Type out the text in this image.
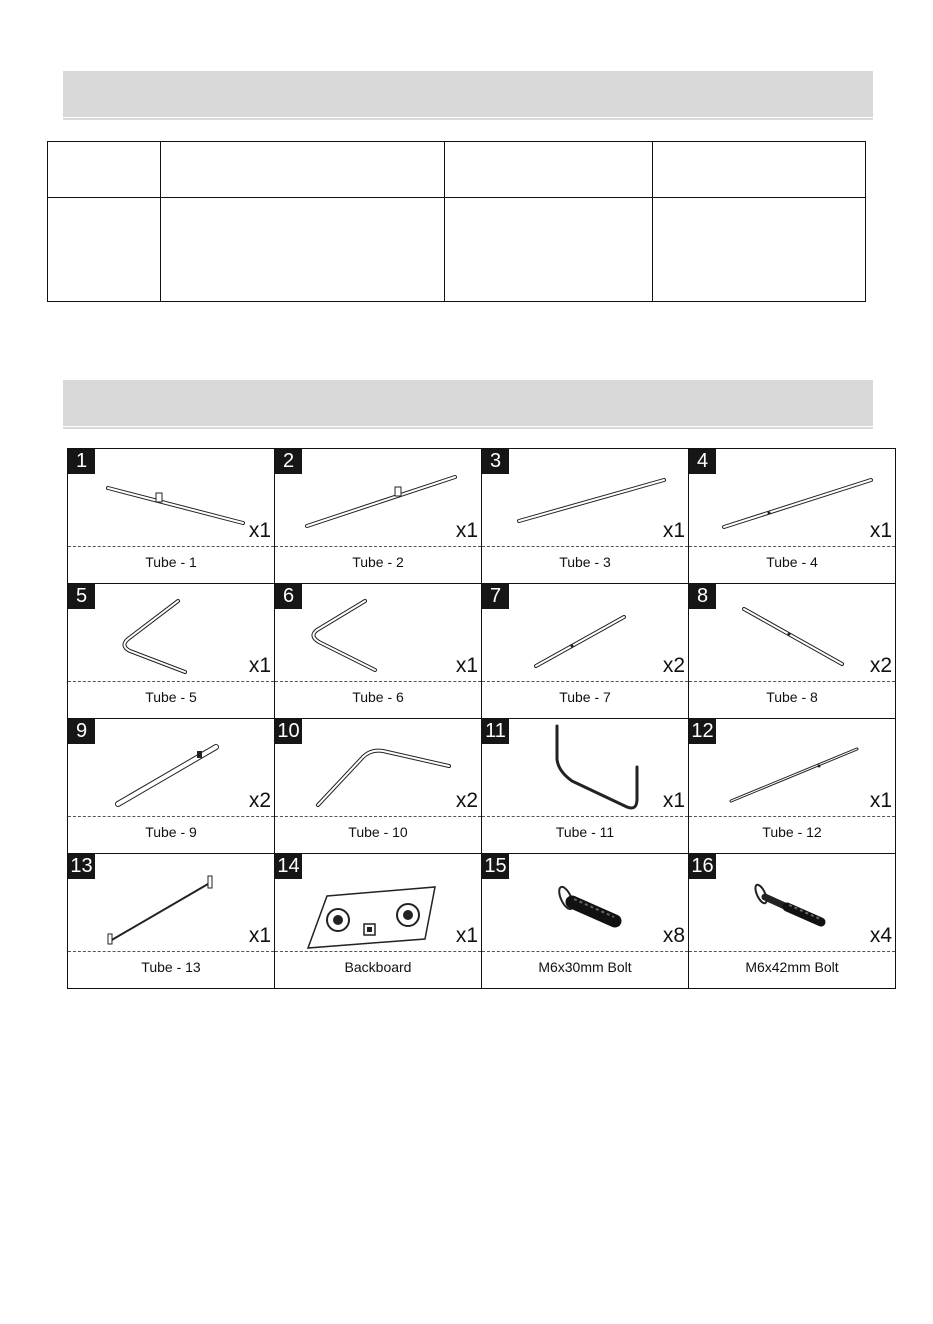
1
x1
Tube - 1
2
x1
Tube - 2
3
x1
Tube - 3
4
x1
Tube - 4
5
x1
Tube - 5
6
x1
Tube - 6
7
x2
Tube - 7
8
x2
Tube - 8
9
x2
Tube - 9
10
x2
Tube - 10
11
x1
Tube - 11
12
x1
Tube - 12
13
x1
Tube - 13
14
x1
Backboard
15
x8
M6x30mm Bolt
16
x4
M6x42mm Bolt
